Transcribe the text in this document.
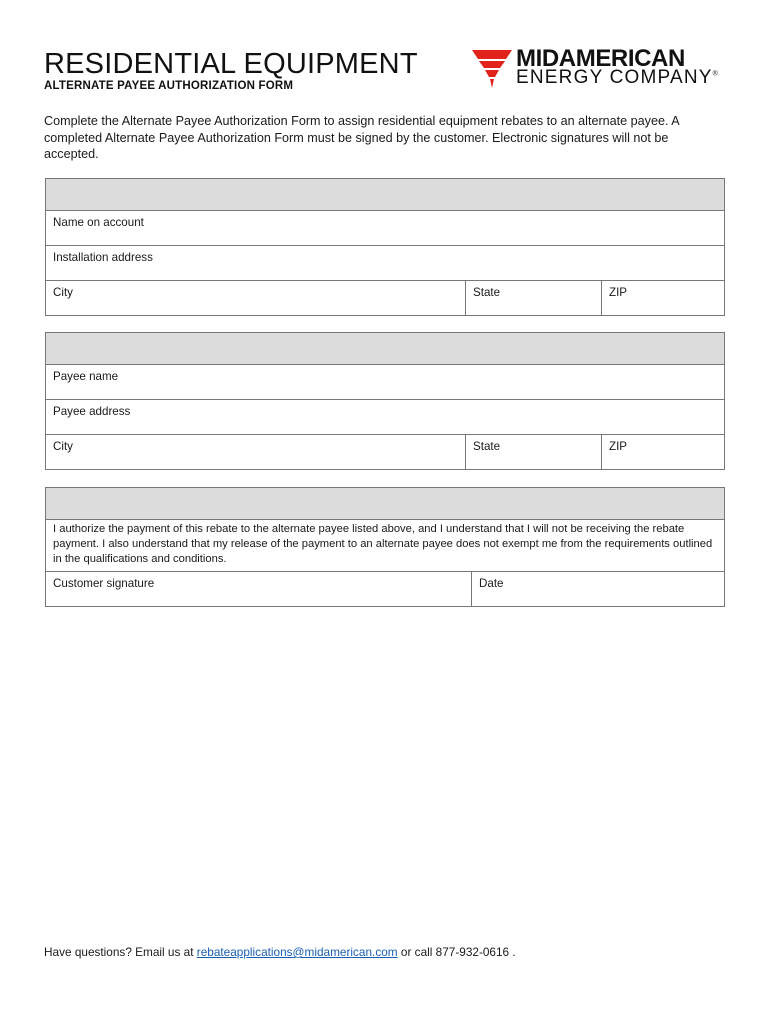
RESIDENTIAL EQUIPMENT
ALTERNATE PAYEE AUTHORIZATION FORM
MIDAMERICAN
ENERGY COMPANY®
Complete the Alternate Payee Authorization Form to assign residential equipment rebates to an alternate payee. A completed Alternate Payee Authorization Form must be signed by the customer. Electronic signatures will not be accepted.
Name on account
Installation address
City	State	ZIP
Payee name
Payee address
City	State	ZIP
I authorize the payment of this rebate to the alternate payee listed above, and I understand that I will not be receiving the rebate payment. I also understand that my release of the payment to an alternate payee does not exempt me from the requirements outlined in the qualifications and conditions.
Customer signature	Date
Have questions? Email us at rebateapplications@midamerican.com or call 877-932-0616 .
